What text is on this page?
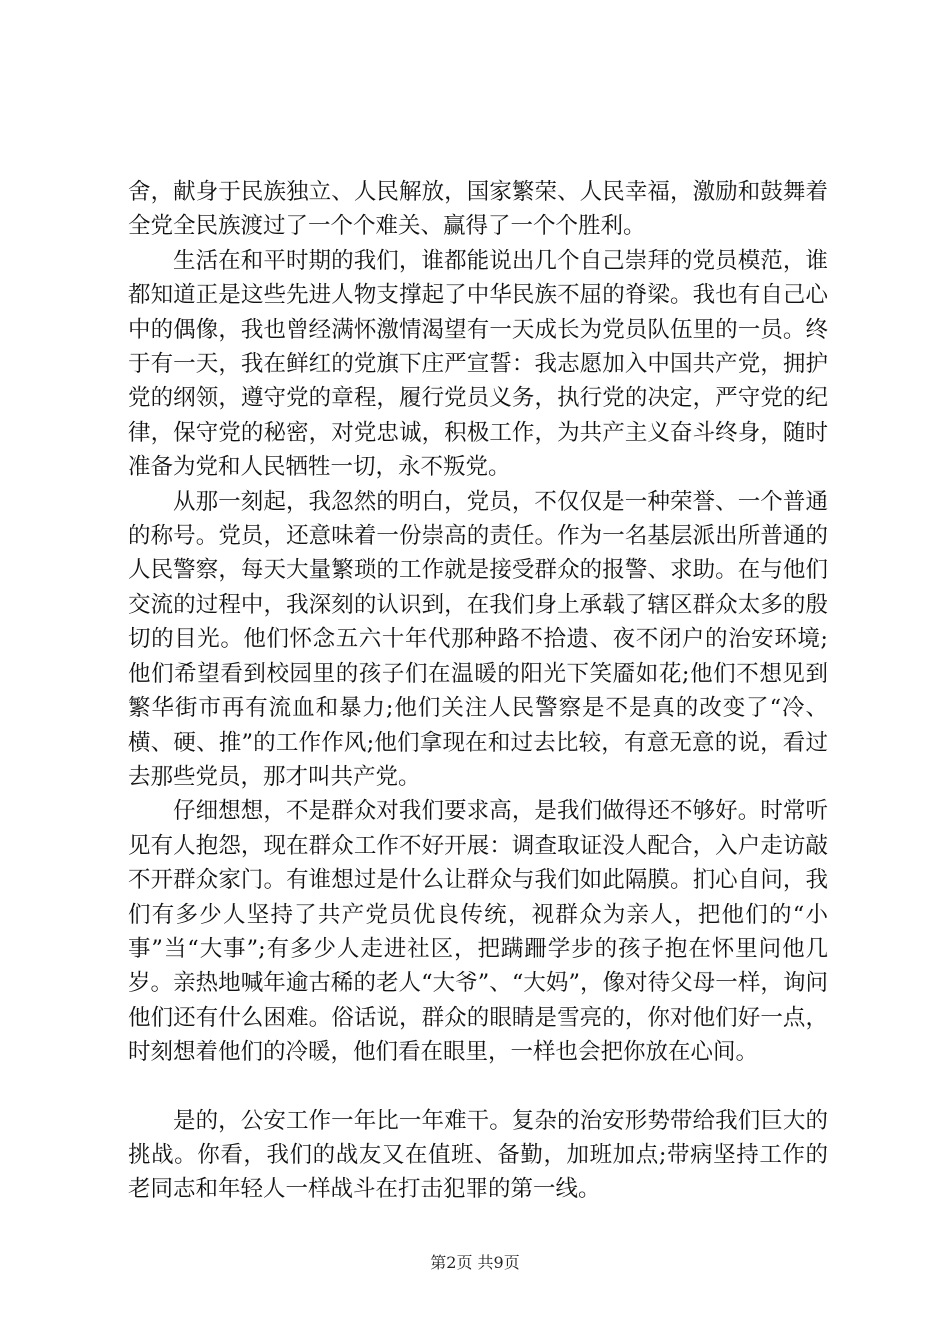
舍，献身于民族独立、人民解放，国家繁荣、人民幸福，激励和鼓舞着全党全民族渡过了一个个难关、赢得了一个个胜利。

生活在和平时期的我们，谁都能说出几个自己崇拜的党员模范，谁都知道正是这些先进人物支撑起了中华民族不屈的脊梁。我也有自己心中的偶像，我也曾经满怀激情渴望有一天成长为党员队伍里的一员。终于有一天，我在鲜红的党旗下庄严宣誓：我志愿加入中国共产党，拥护党的纲领，遵守党的章程，履行党员义务，执行党的决定，严守党的纪律，保守党的秘密，对党忠诚，积极工作，为共产主义奋斗终身，随时准备为党和人民牺牲一切，永不叛党。

从那一刻起，我忽然的明白，党员，不仅仅是一种荣誉、一个普通的称号。党员，还意味着一份崇高的责任。作为一名基层派出所普通的人民警察，每天大量繁琐的工作就是接受群众的报警、求助。在与他们交流的过程中，我深刻的认识到，在我们身上承载了辖区群众太多的殷切的目光。他们怀念五六十年代那种路不拾遗、夜不闭户的治安环境;他们希望看到校园里的孩子们在温暖的阳光下笑靥如花;他们不想见到繁华街市再有流血和暴力;他们关注人民警察是不是真的改变了“冷、横、硬、推”的工作作风;他们拿现在和过去比较，有意无意的说，看过去那些党员，那才叫共产党。

仔细想想，不是群众对我们要求高，是我们做得还不够好。时常听见有人抱怨，现在群众工作不好开展：调查取证没人配合，入户走访敲不开群众家门。有谁想过是什么让群众与我们如此隔膜。扪心自问，我们有多少人坚持了共产党员优良传统，视群众为亲人，把他们的“小事”当“大事”;有多少人走进社区，把蹒跚学步的孩子抱在怀里问他几岁。亲热地喊年逾古稀的老人“大爷”、“大妈”，像对待父母一样，询问他们还有什么困难。俗话说，群众的眼睛是雪亮的，你对他们好一点，时刻想着他们的冷暖，他们看在眼里，一样也会把你放在心间。

是的，公安工作一年比一年难干。复杂的治安形势带给我们巨大的挑战。你看，我们的战友又在值班、备勤，加班加点;带病坚持工作的老同志和年轻人一样战斗在打击犯罪的第一线。

第2页 共9页
